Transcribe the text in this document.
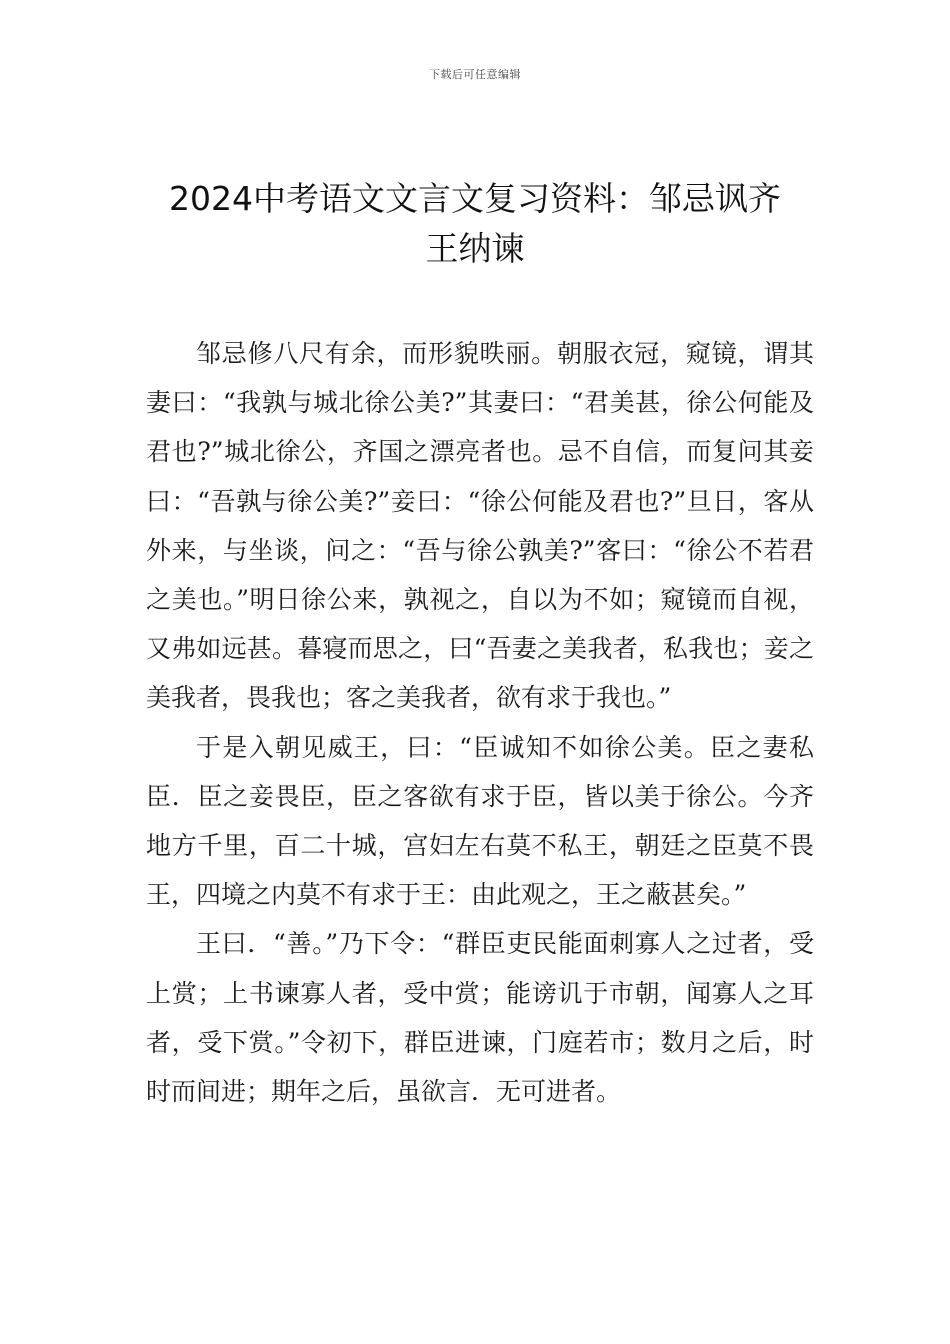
下载后可任意编辑
2024中考语文文言文复习资料：邹忌讽齐
王纳谏

邹忌修八尺有余，而形貌昳丽。朝服衣冠，窥镜，谓其妻曰：“我孰与城北徐公美?”其妻曰：“君美甚，徐公何能及君也?”城北徐公，齐国之漂亮者也。忌不自信，而复问其妾曰：“吾孰与徐公美?”妾曰：“徐公何能及君也?”旦日，客从外来，与坐谈，问之：“吾与徐公孰美?”客曰：“徐公不若君之美也。”明日徐公来，孰视之，自以为不如；窥镜而自视，又弗如远甚。暮寝而思之，曰“吾妻之美我者，私我也；妾之美我者，畏我也；客之美我者，欲有求于我也。”

于是入朝见威王，曰：“臣诚知不如徐公美。臣之妻私臣．臣之妾畏臣，臣之客欲有求于臣，皆以美于徐公。今齐地方千里，百二十城，宫妇左右莫不私王，朝廷之臣莫不畏王，四境之内莫不有求于王：由此观之，王之蔽甚矣。”

王曰．“善。”乃下令：“群臣吏民能面刺寡人之过者，受上赏；上书谏寡人者，受中赏；能谤讥于市朝，闻寡人之耳者，受下赏。”令初下，群臣进谏，门庭若市；数月之后，时时而间进；期年之后，虽欲言．无可进者。
